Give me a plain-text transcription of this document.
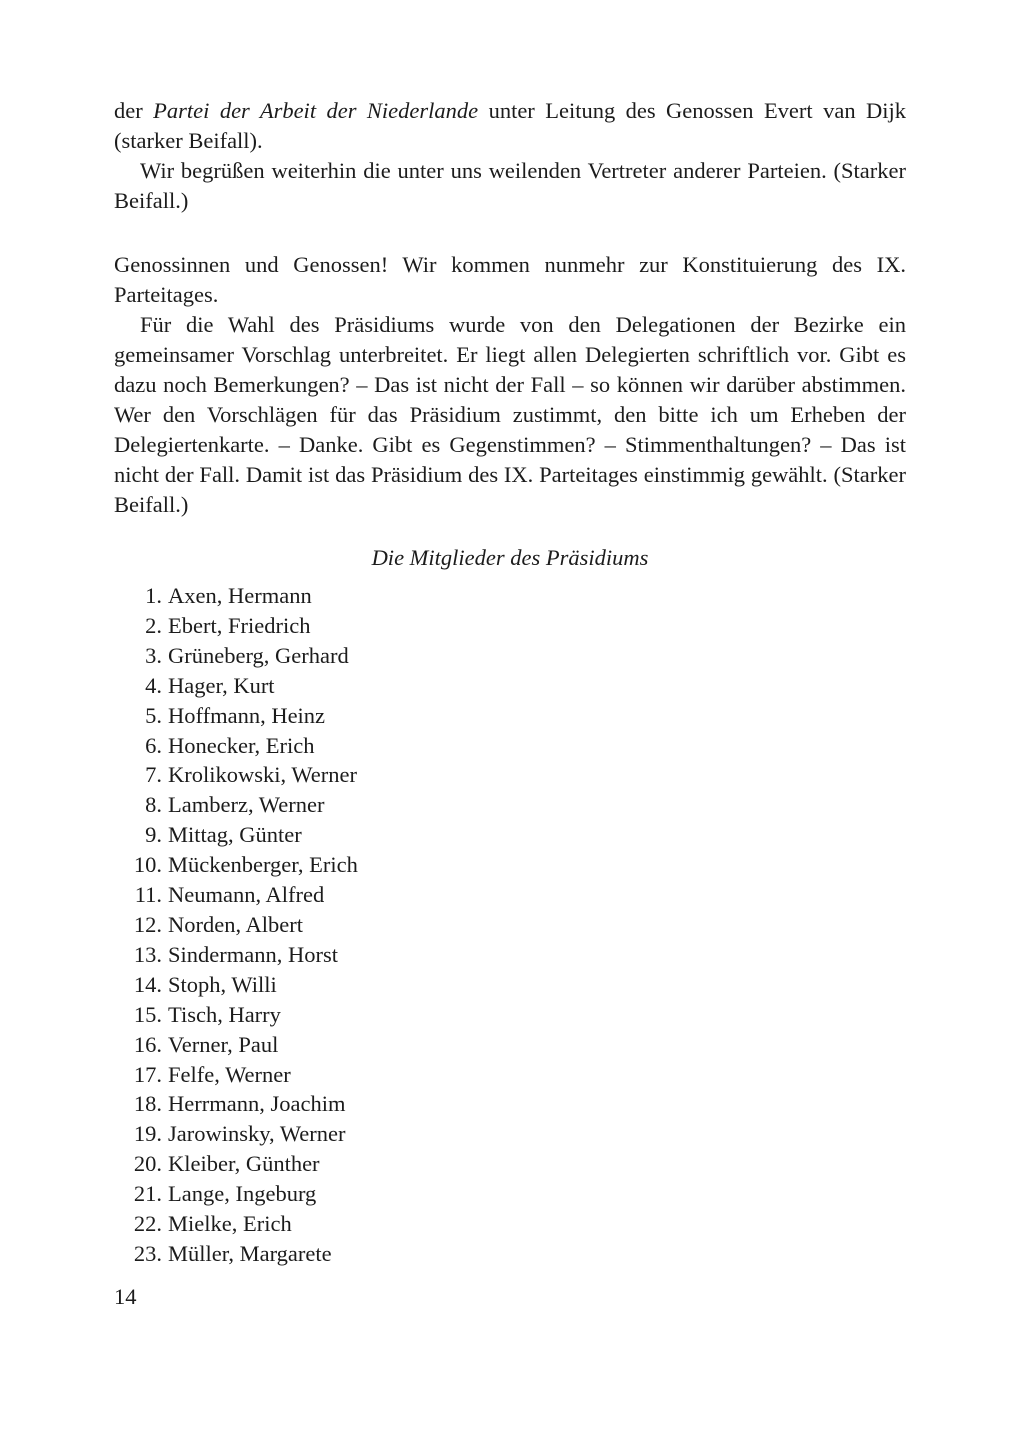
der Partei der Arbeit der Niederlande unter Leitung des Genossen Evert van Dijk (starker Beifall).

Wir begrüßen weiterhin die unter uns weilenden Vertreter anderer Parteien. (Starker Beifall.)

Genossinnen und Genossen! Wir kommen nunmehr zur Konstituierung des IX. Parteitages.

Für die Wahl des Präsidiums wurde von den Delegationen der Bezirke ein gemeinsamer Vorschlag unterbreitet. Er liegt allen Delegierten schriftlich vor. Gibt es dazu noch Bemerkungen? – Das ist nicht der Fall – so können wir darüber abstimmen. Wer den Vorschlägen für das Präsidium zustimmt, den bitte ich um Erheben der Delegiertenkarte. – Danke. Gibt es Gegenstimmen? – Stimmenthaltungen? – Das ist nicht der Fall. Damit ist das Präsidium des IX. Parteitages einstimmig gewählt. (Starker Beifall.)

Die Mitglieder des Präsidiums
1. Axen, Hermann
2. Ebert, Friedrich
3. Grüneberg, Gerhard
4. Hager, Kurt
5. Hoffmann, Heinz
6. Honecker, Erich
7. Krolikowski, Werner
8. Lamberz, Werner
9. Mittag, Günter
10. Mückenberger, Erich
11. Neumann, Alfred
12. Norden, Albert
13. Sindermann, Horst
14. Stoph, Willi
15. Tisch, Harry
16. Verner, Paul
17. Felfe, Werner
18. Herrmann, Joachim
19. Jarowinsky, Werner
20. Kleiber, Günther
21. Lange, Ingeburg
22. Mielke, Erich
23. Müller, Margarete
14
